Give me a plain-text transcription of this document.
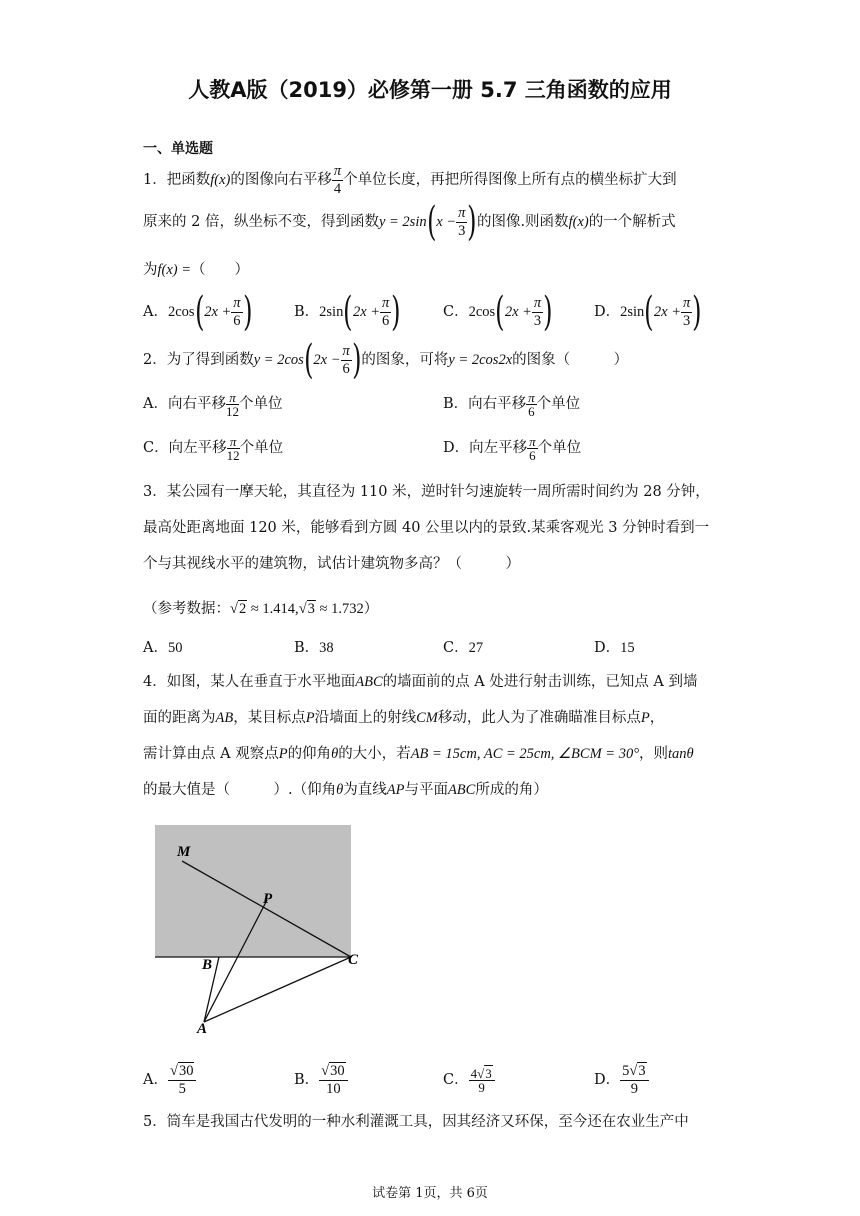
人教A版（2019）必修第一册 5.7 三角函数的应用
一、单选题
1．把函数f(x)的图像向右平移 $\frac{\pi}{4}$ 个单位长度，再把所得图像上所有点的横坐标扩大到
原来的 2 倍，纵坐标不变，得到函数$y = 2\sin(x - \frac{\pi}{3}$ )的图像.则函数f(x)的一个解析式
为f(x) =（　　）
A．$2\cos(2x + \frac{\pi}{6}$ )	B．$2\sin(2x + \frac{\pi}{6}$ )	C．$2\cos(2x + \frac{\pi}{3}$ )	D．$2\sin(2x + \frac{\pi}{3}$ )
2．为了得到函数$y = 2\cos(2x - \frac{\pi}{6}$ )的图象，可将y = 2cos2x的图象（　　　）
A．向右平移 $\frac{\pi}{12}$ 个单位	B．向右平移 $\frac{\pi}{6}$ 个单位
C．向左平移 $\frac{\pi}{12}$ 个单位	D．向左平移 $\frac{\pi}{6}$ 个单位
3．某公园有一摩天轮，其直径为 110 米，逆时针匀速旋转一周所需时间约为 28 分钟，
最高处距离地面 120 米，能够看到方圆 40 公里以内的景致.某乘客观光 3 分钟时看到一
个与其视线水平的建筑物，试估计建筑物多高？（　　　）
（参考数据：√2 ≈ 1.414,√3 ≈ 1.732）
A．50	B．38	C．27	D．15
4．如图，某人在垂直于水平地面ABC的墙面前的点 A 处进行射击训练，已知点 A 到墙
面的距离为AB，某目标点P沿墙面上的射线CM移动，此人为了准确瞄准目标点P，
需计算由点 A 观察点P的仰角θ的大小，若AB = 15cm, AC = 25cm, ∠BCM = 30°，则tanθ
的最大值是（　　　）.（仰角θ为直线AP与平面ABC所成的角）
M
P
B	C
A
A． $\frac{√30}{5}$	B． $\frac{√30}{10}$	C． $\frac{4√3}{9}$	D． $\frac{5√3}{9}$
5．筒车是我国古代发明的一种水利灌溉工具，因其经济又环保，至今还在农业生产中
试卷第 1页，共 6页
